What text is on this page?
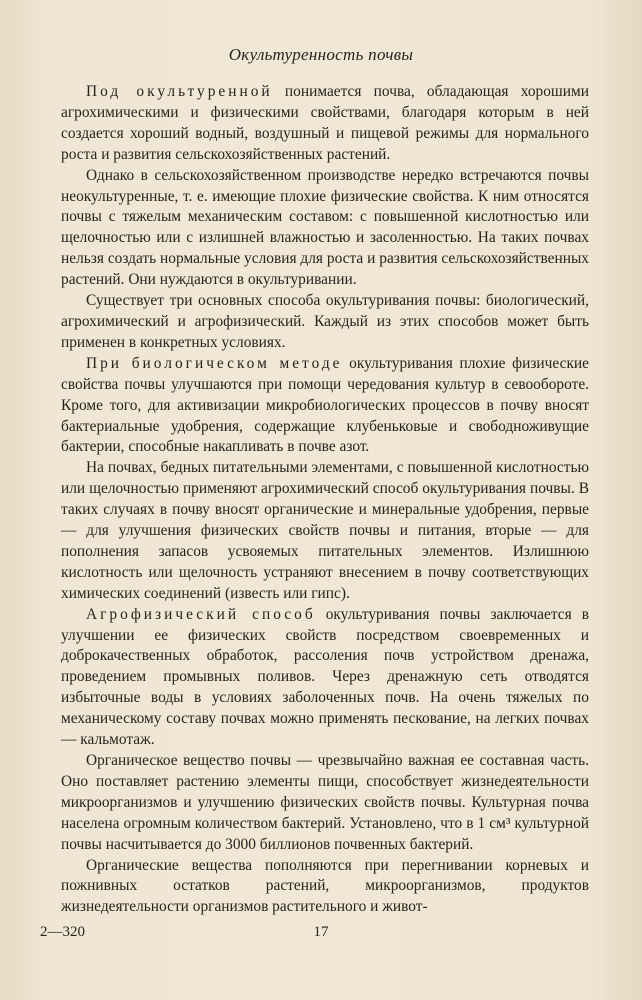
Окультуренность почвы

Под окультуренной понимается почва, обладающая хорошими агрохимическими и физическими свойствами, благодаря которым в ней создается хороший водный, воздушный и пищевой режимы для нормального роста и развития сельскохозяйственных растений.

Однако в сельскохозяйственном производстве нередко встречаются почвы неокультуренные, т. е. имеющие плохие физические свойства. К ним относятся почвы с тяжелым механическим составом: с повышенной кислотностью или щелочностью или с излишней влажностью и засоленностью. На таких почвах нельзя создать нормальные условия для роста и развития сельскохозяйственных растений. Они нуждаются в окультуривании.

Существует три основных способа окультуривания почвы: биологический, агрохимический и агрофизический. Каждый из этих способов может быть применен в конкретных условиях.

При биологическом методе окультуривания плохие физические свойства почвы улучшаются при помощи чередования культур в севообороте. Кроме того, для активизации микробиологических процессов в почву вносят бактериальные удобрения, содержащие клубеньковые и свободноживущие бактерии, способные накапливать в почве азот.

На почвах, бедных питательными элементами, с повышенной кислотностью или щелочностью применяют агрохимический способ окультуривания почвы. В таких случаях в почву вносят органические и минеральные удобрения, первые — для улучшения физических свойств почвы и питания, вторые — для пополнения запасов усвояемых питательных элементов. Излишнюю кислотность или щелочность устраняют внесением в почву соответствующих химических соединений (известь или гипс).

Агрофизический способ окультуривания почвы заключается в улучшении ее физических свойств посредством своевременных и доброкачественных обработок, рассоления почв устройством дренажа, проведением промывных поливов. Через дренажную сеть отводятся избыточные воды в условиях заболоченных почв. На очень тяжелых по механическому составу почвах можно применять пескование, на легких почвах — кальмотаж.

Органическое вещество почвы — чрезвычайно важная ее составная часть. Оно поставляет растению элементы пищи, способствует жизнедеятельности микроорганизмов и улучшению физических свойств почвы. Культурная почва населена огромным количеством бактерий. Установлено, что в 1 см³ культурной почвы насчитывается до 3000 биллионов почвенных бактерий.

Органические вещества пополняются при перегнивании корневых и пожнивных остатков растений, микроорганизмов, продуктов жизнедеятельности организмов растительного и живот-

2—320	17
